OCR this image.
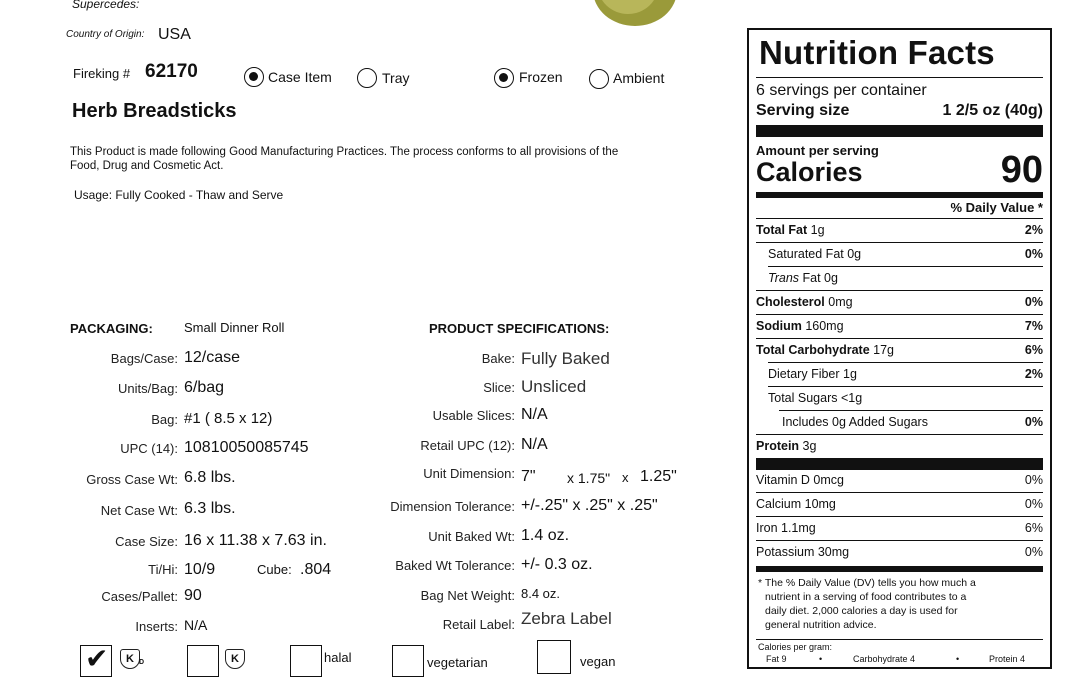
Supercedes:
Country of Origin: USA
Fireking # 62170	Case Item	Tray	Frozen	Ambient
Herb Breadsticks
This Product is made following Good Manufacturing Practices. The process conforms to all provisions of the
Food, Drug and Cosmetic Act.
Usage: Fully Cooked - Thaw and Serve
PACKAGING: Small Dinner Roll
Bags/Case: 12/case
Units/Bag: 6/bag
Bag: #1 ( 8.5 x 12)
UPC (14): 10810050085745
Gross Case Wt: 6.8 lbs.
Net Case Wt: 6.3 lbs.
Case Size: 16 x 11.38 x 7.63 in.
Ti/Hi: 10/9	Cube: .804
Cases/Pallet: 90
Inserts: N/A
PRODUCT SPECIFICATIONS:
Bake: Fully Baked
Slice: Unsliced
Usable Slices: N/A
Retail UPC (12): N/A
Unit Dimension: 7" x 1.75" x 1.25"
Dimension Tolerance: +/-.25" x .25" x .25"
Unit Baked Wt: 1.4 oz.
Baked Wt Tolerance: +/- 0.3 oz.
Bag Net Weight: 8.4 oz.
Retail Label: Zebra Label
✔	K D	K	halal	vegetarian	vegan
Nutrition Facts
6 servings per container
Serving size	1 2/5 oz (40g)
Amount per serving
Calories	90
% Daily Value *
Total Fat 1g	2%
Saturated Fat 0g	0%
Trans Fat 0g
Cholesterol 0mg	0%
Sodium 160mg	7%
Total Carbohydrate 17g	6%
Dietary Fiber 1g	2%
Total Sugars <1g
Includes 0g Added Sugars	0%
Protein 3g
Vitamin D 0mcg	0%
Calcium 10mg	0%
Iron 1.1mg	6%
Potassium 30mg	0%
* The % Daily Value (DV) tells you how much a
nutrient in a serving of food contributes to a
daily diet. 2,000 calories a day is used for
general nutrition advice.
Calories per gram:
Fat 9	•	Carbohydrate 4	•	Protein 4
